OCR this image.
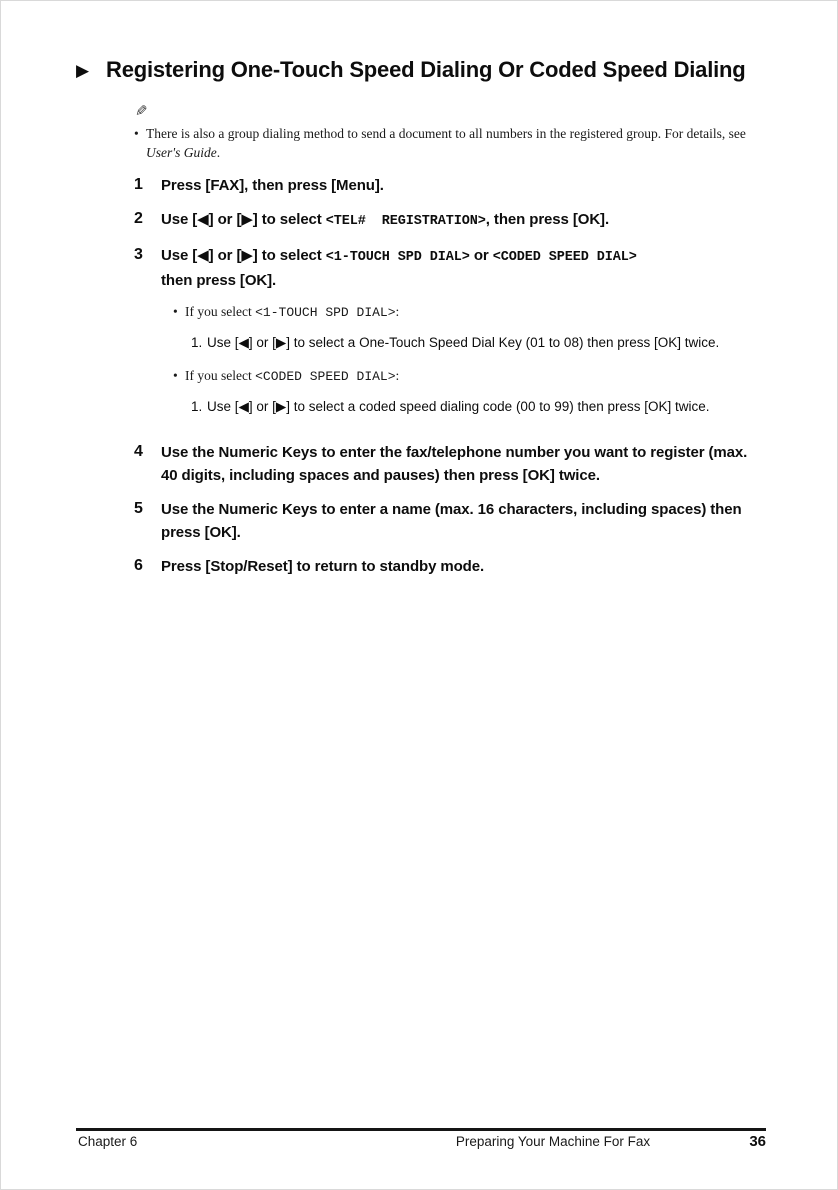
▶ Registering One-Touch Speed Dialing Or Coded Speed Dialing
✎
• There is also a group dialing method to send a document to all numbers in the registered group. For details, see User's Guide.
1	Press [FAX], then press [Menu].
2	Use [◀] or [▶] to select <TEL#  REGISTRATION>, then press [OK].
3	Use [◀] or [▶] to select <1-TOUCH SPD DIAL> or <CODED SPEED DIAL>
then press [OK].
• If you select <1-TOUCH SPD DIAL>:
1. Use [◀] or [▶] to select a One-Touch Speed Dial Key (01 to 08) then press [OK] twice.
• If you select <CODED SPEED DIAL>:
1. Use [◀] or [▶] to select a coded speed dialing code (00 to 99) then press [OK] twice.
4	Use the Numeric Keys to enter the fax/telephone number you want to register (max. 40 digits, including spaces and pauses) then press [OK] twice.
5	Use the Numeric Keys to enter a name (max. 16 characters, including spaces) then press [OK].
6	Press [Stop/Reset] to return to standby mode.
Chapter 6	Preparing Your Machine For Fax	36
